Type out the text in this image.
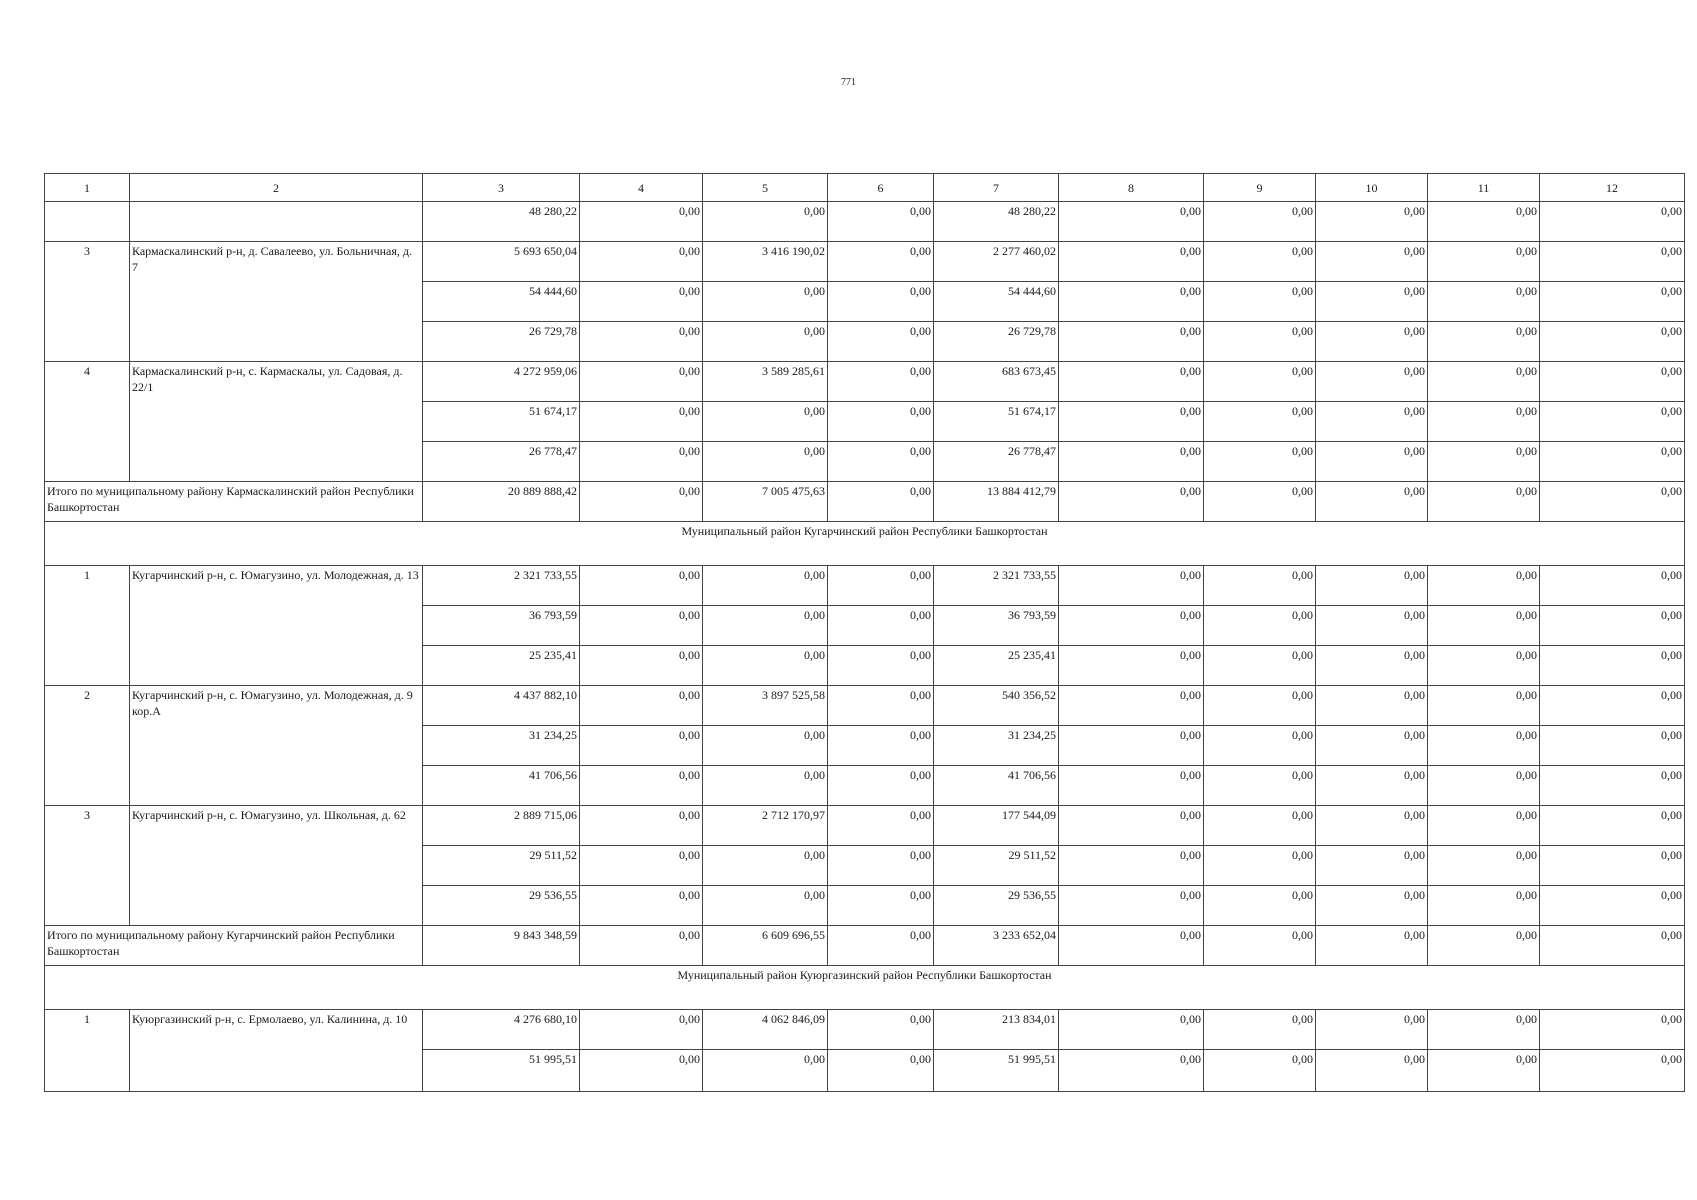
771
1	2	3	4	5	6	7	8	9	10	11	12
		48 280,22	0,00	0,00	0,00	48 280,22	0,00	0,00	0,00	0,00	0,00
3	Кармаскалинский р-н, д. Савалеево, ул. Больничная, д. 7	5 693 650,04	0,00	3 416 190,02	0,00	2 277 460,02	0,00	0,00	0,00	0,00	0,00
		54 444,60	0,00	0,00	0,00	54 444,60	0,00	0,00	0,00	0,00	0,00
		26 729,78	0,00	0,00	0,00	26 729,78	0,00	0,00	0,00	0,00	0,00
4	Кармаскалинский р-н, с. Кармаскалы, ул. Садовая, д. 22/1	4 272 959,06	0,00	3 589 285,61	0,00	683 673,45	0,00	0,00	0,00	0,00	0,00
		51 674,17	0,00	0,00	0,00	51 674,17	0,00	0,00	0,00	0,00	0,00
		26 778,47	0,00	0,00	0,00	26 778,47	0,00	0,00	0,00	0,00	0,00
Итого по муниципальному району Кармаскалинский район Республики Башкортостан		20 889 888,42	0,00	7 005 475,63	0,00	13 884 412,79	0,00	0,00	0,00	0,00	0,00
Муниципальный район Кугарчинский район Республики Башкортостан											
1	Кугарчинский р-н, с. Юмагузино, ул. Молодежная, д. 13	2 321 733,55	0,00	0,00	0,00	2 321 733,55	0,00	0,00	0,00	0,00	0,00
		36 793,59	0,00	0,00	0,00	36 793,59	0,00	0,00	0,00	0,00	0,00
		25 235,41	0,00	0,00	0,00	25 235,41	0,00	0,00	0,00	0,00	0,00
2	Кугарчинский р-н, с. Юмагузино, ул. Молодежная, д. 9 кор.А	4 437 882,10	0,00	3 897 525,58	0,00	540 356,52	0,00	0,00	0,00	0,00	0,00
		31 234,25	0,00	0,00	0,00	31 234,25	0,00	0,00	0,00	0,00	0,00
		41 706,56	0,00	0,00	0,00	41 706,56	0,00	0,00	0,00	0,00	0,00
3	Кугарчинский р-н, с. Юмагузино, ул. Школьная, д. 62	2 889 715,06	0,00	2 712 170,97	0,00	177 544,09	0,00	0,00	0,00	0,00	0,00
		29 511,52	0,00	0,00	0,00	29 511,52	0,00	0,00	0,00	0,00	0,00
		29 536,55	0,00	0,00	0,00	29 536,55	0,00	0,00	0,00	0,00	0,00
Итого по муниципальному району Кугарчинский район Республики Башкортостан		9 843 348,59	0,00	6 609 696,55	0,00	3 233 652,04	0,00	0,00	0,00	0,00	0,00
Муниципальный район Куюргазинский район Республики Башкортостан											
1	Куюргазинский р-н, с. Ермолаево, ул. Калинина, д. 10	4 276 680,10	0,00	4 062 846,09	0,00	213 834,01	0,00	0,00	0,00	0,00	0,00
		51 995,51	0,00	0,00	0,00	51 995,51	0,00	0,00	0,00	0,00	0,00
